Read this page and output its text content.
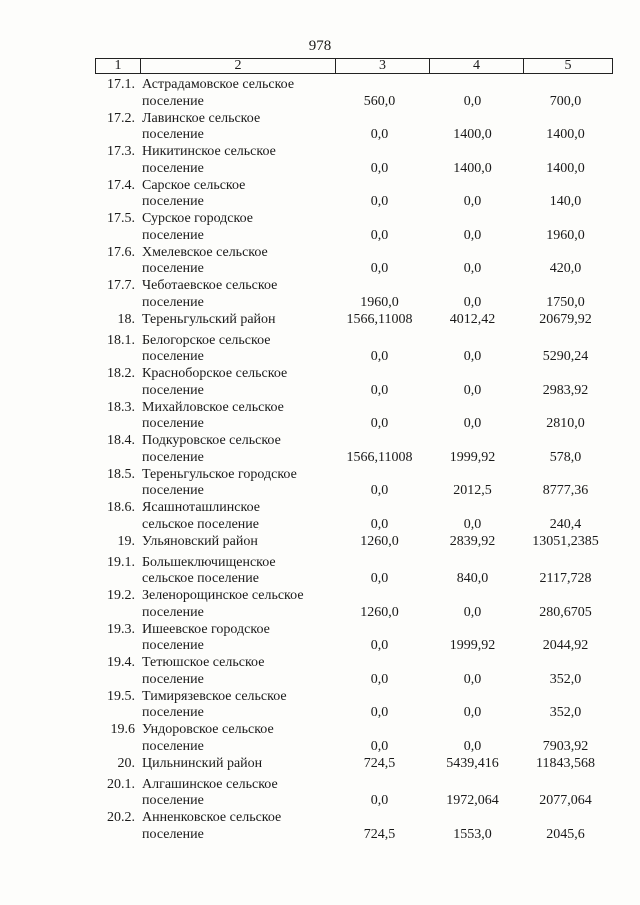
978
1	2	3	4	5
17.1. Астрадамовское сельское
поселение	560,0	0,0	700,0
17.2. Лавинское сельское
поселение	0,0	1400,0	1400,0
17.3. Никитинское сельское
поселение	0,0	1400,0	1400,0
17.4. Сарское сельское
поселение	0,0	0,0	140,0
17.5. Сурское городское
поселение	0,0	0,0	1960,0
17.6. Хмелевское сельское
поселение	0,0	0,0	420,0
17.7. Чеботаевское сельское
поселение	1960,0	0,0	1750,0
18. Тереньгульский район	1566,11008	4012,42	20679,92
18.1. Белогорское сельское
поселение	0,0	0,0	5290,24
18.2. Красноборское сельское
поселение	0,0	0,0	2983,92
18.3. Михайловское сельское
поселение	0,0	0,0	2810,0
18.4. Подкуровское сельское
поселение	1566,11008	1999,92	578,0
18.5. Тереньгульское городское
поселение	0,0	2012,5	8777,36
18.6. Ясашноташлинское
сельское поселение	0,0	0,0	240,4
19. Ульяновский район	1260,0	2839,92	13051,2385
19.1. Большеключищенское
сельское поселение	0,0	840,0	2117,728
19.2. Зеленорощинское сельское
поселение	1260,0	0,0	280,6705
19.3. Ишеевское городское
поселение	0,0	1999,92	2044,92
19.4. Тетюшское сельское
поселение	0,0	0,0	352,0
19.5. Тимирязевское сельское
поселение	0,0	0,0	352,0
19.6 Ундоровское сельское
поселение	0,0	0,0	7903,92
20. Цильнинский район	724,5	5439,416	11843,568
20.1. Алгашинское сельское
поселение	0,0	1972,064	2077,064
20.2. Анненковское сельское
поселение	724,5	1553,0	2045,6
